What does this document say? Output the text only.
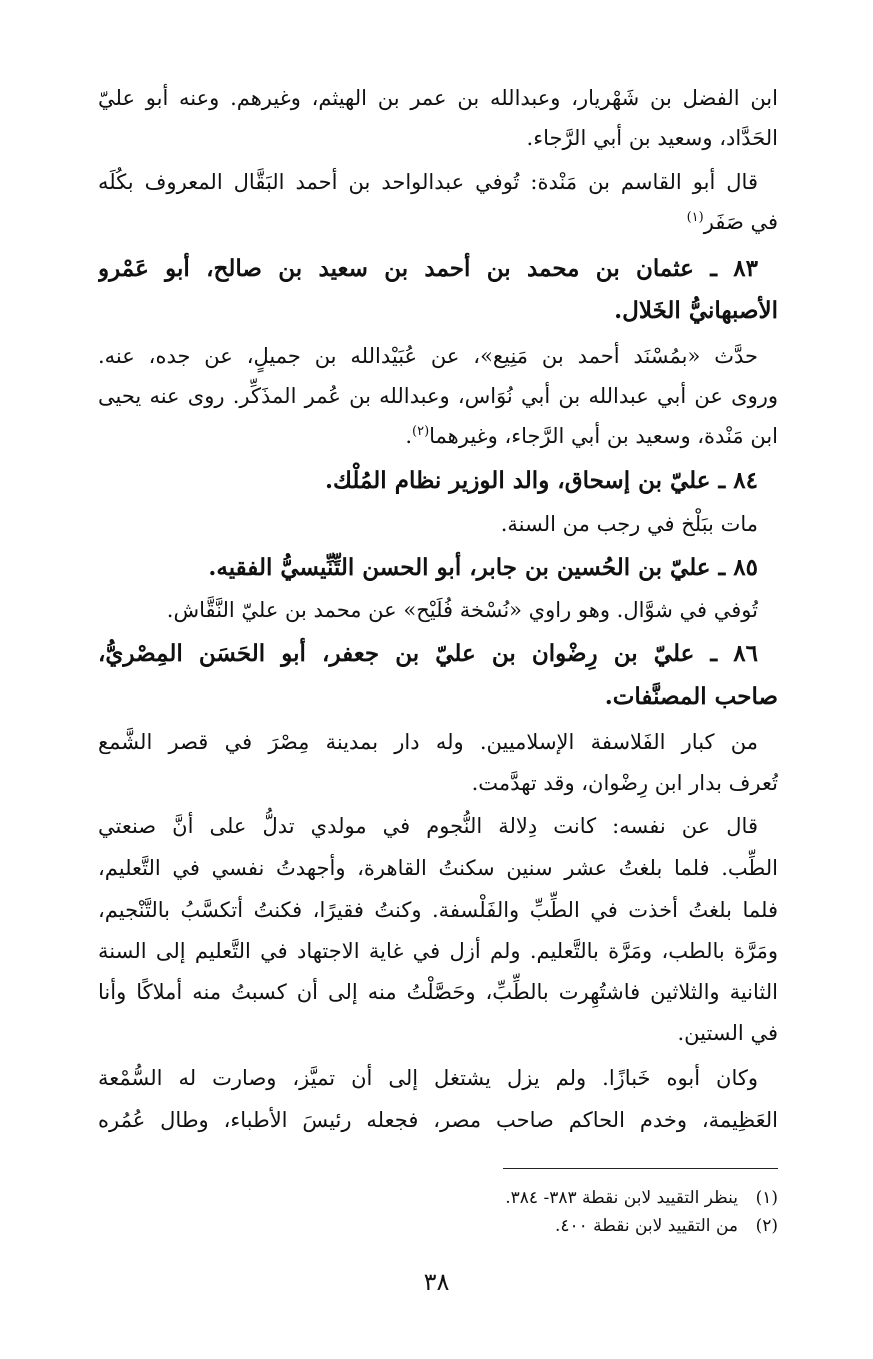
ابن الفضل بن شَهْريار، وعبدالله بن عمر بن الهيثم، وغيرهم. وعنه أبو عليّ
الحَدَّاد، وسعيد بن أبي الرَّجاء.
قال أبو القاسم بن مَنْدة: تُوفي عبدالواحد بن أحمد البَقَّال المعروف بكُلَه
في صَفَر$^{(١)}$
٨٣ ـ عثمان بن محمد بن أحمد بن سعيد بن صالح، أبو عَمْرو
الأصبهانيُّ الخَلال.
حدَّث «بمُسْنَد أحمد بن مَنِيع»، عن عُبَيْدالله بن جميلٍ، عن جده، عنه.
وروى عن أبي عبدالله بن أبي نُوَاس، وعبدالله بن عُمر المذَكِّر. روى عنه يحيى
ابن مَنْدة، وسعيد بن أبي الرَّجاء، وغيرهما$^{(٢)}$.
٨٤ ـ عليّ بن إسحاق، والد الوزير نظام المُلْك.
مات ببَلْخ في رجب من السنة.
٨٥ ـ عليّ بن الحُسين بن جابر، أبو الحسن التِّنِّيسيُّ الفقيه.
تُوفي في شوَّال. وهو راوي «نُسْخة فُلَيْح» عن محمد بن عليّ النَّقَّاش.
٨٦ ـ عليّ بن رِضْوان بن عليّ بن جعفر، أبو الحَسَن المِصْريُّ،
صاحب المصنَّفات.
من كبار الفَلاسفة الإسلاميين. وله دار بمدينة مِصْرَ في قصر الشَّمع
تُعرف بدار ابن رِضْوان، وقد تهدَّمت.
قال عن نفسه: كانت دِلالة النُّجوم في مولدي تدلُّ على أنَّ صنعتي
الطِّب. فلما بلغتُ عشر سنين سكنتُ القاهرة، وأجهدتُ نفسي في التَّعليم،
فلما بلغتُ أخذت في الطِّبِّ والفَلْسفة. وكنتُ فقيرًا، فكنتُ أتكسَّبُ بالتَّنْجيم،
ومَرَّة بالطب، ومَرَّة بالتَّعليم. ولم أزل في غاية الاجتهاد في التَّعليم إلى السنة
الثانية والثلاثين فاشتُهِرت بالطِّبِّ، وحَصَّلْتُ منه إلى أن كسبتُ منه أملاكًا وأنا
في الستين.
وكان أبوه خَبازًا. ولم يزل يشتغل إلى أن تميَّز، وصارت له السُّمْعة
العَظِيمة، وخدم الحاكم صاحب مصر، فجعله رئيسَ الأطباء، وطال عُمُره
(١)ينظر التقييد لابن نقطة ٣٨٣- ٣٨٤.
(٢)من التقييد لابن نقطة ٤٠٠.
٣٨
